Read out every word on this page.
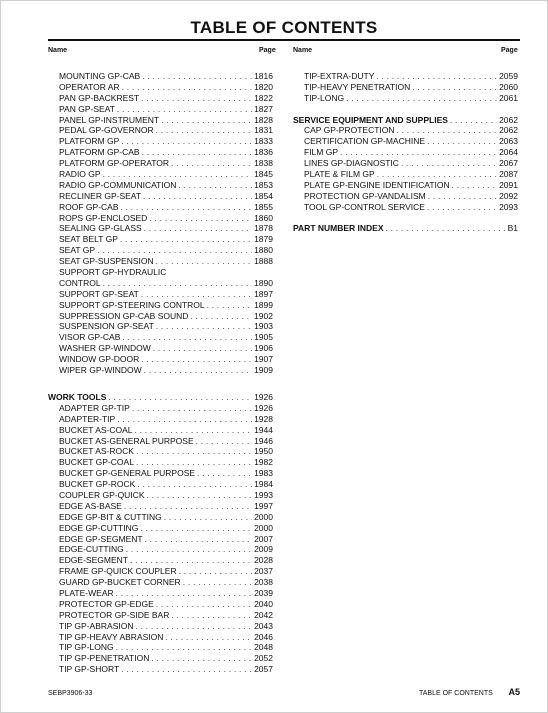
TABLE OF CONTENTS
Name	Page Name	Page
MOUNTING GP-CAB . . .	1816
OPERATOR AR . . .	1820
PAN GP-BACKREST . . .	1822
PAN GP-SEAT . . .	1827
PANEL GP-INSTRUMENT . . .	1828
PEDAL GP-GOVERNOR . . .	1831
PLATFORM GP . . .	1833
PLATFORM GP-CAB . . .	1836
PLATFORM GP-OPERATOR . . .	1838
RADIO GP . . .	1845
RADIO GP-COMMUNICATION . . .	1853
RECLINER GP-SEAT . . .	1854
ROOF GP-CAB . . .	1855
ROPS GP-ENCLOSED . . .	1860
SEALING GP-GLASS . . .	1878
SEAT BELT GP . . .	1879
SEAT GP . . .	1880
SEAT GP-SUSPENSION . . .	1888
SUPPORT GP-HYDRAULIC
CONTROL . . .	1890
SUPPORT GP-SEAT . . .	1897
SUPPORT GP-STEERING CONTROL . . .	1899
SUPPRESSION GP-CAB SOUND . . .	1902
SUSPENSION GP-SEAT . . .	1903
VISOR GP-CAB . . .	1905
WASHER GP-WINDOW . . .	1906
WINDOW GP-DOOR . . .	1907
WIPER GP-WINDOW . . .	1909
WORK TOOLS . . .	1926
ADAPTER GP-TIP . . .	1926
ADAPTER-TIP . . .	1928
BUCKET AS-COAL . . .	1944
BUCKET AS-GENERAL PURPOSE . . .	1946
BUCKET AS-ROCK . . .	1950
BUCKET GP-COAL . . .	1982
BUCKET GP-GENERAL PURPOSE . . .	1983
BUCKET GP-ROCK . . .	1984
COUPLER GP-QUICK . . .	1993
EDGE AS-BASE . . .	1997
EDGE GP-BIT & CUTTING . . .	2000
EDGE GP-CUTTING . . .	2000
EDGE GP-SEGMENT . . .	2007
EDGE-CUTTING . . .	2009
EDGE-SEGMENT . . .	2028
FRAME GP-QUICK COUPLER . . .	2037
GUARD GP-BUCKET CORNER . . .	2038
PLATE-WEAR . . .	2039
PROTECTOR GP-EDGE . . .	2040
PROTECTOR GP-SIDE BAR . . .	2042
TIP GP-ABRASION . . .	2043
TIP GP-HEAVY ABRASION . . .	2046
TIP GP-LONG . . .	2048
TIP GP-PENETRATION . . .	2052
TIP GP-SHORT . . .	2057
TIP-EXTRA-DUTY . . .	2059
TIP-HEAVY PENETRATION . . .	2060
TIP-LONG . . .	2061
SERVICE EQUIPMENT AND SUPPLIES . . .	2062
CAP GP-PROTECTION . . .	2062
CERTIFICATION GP-MACHINE . . .	2063
FILM GP . . .	2064
LINES GP-DIAGNOSTIC . . .	2067
PLATE & FILM GP . . .	2087
PLATE GP-ENGINE IDENTIFICATION . . .	2091
PROTECTION GP-VANDALISM . . .	2092
TOOL GP-CONTROL SERVICE . . .	2093
PART NUMBER INDEX . . .	B1
SEBP3906-33	TABLE OF CONTENTS A5
